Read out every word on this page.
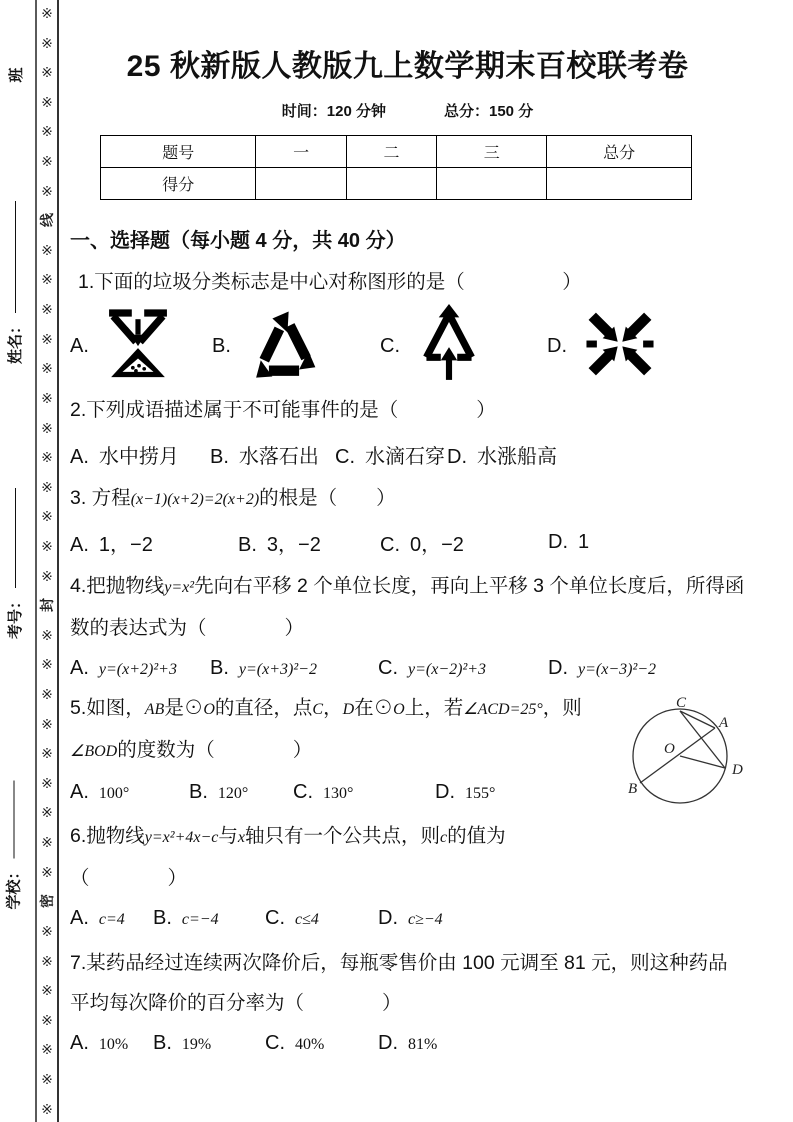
※
※
※
※
※
※
※
线
※
※
※
※
※
※
※
※
※
※
※
※
封
※
※
※
※
※
※
※
※
※
密
※
※
※
※
※
※
※
班
姓名：
考号：
学校：
25 秋新版人教版九上数学期末百校联考卷
时间：120 分钟	总分：150 分
题号	一	二	三	总分
得分				
一、选择题（每小题 4 分，共 40 分）
1.下面的垃圾分类标志是中心对称图形的是（　　　　　）
A.	B.	C.	D.
2.下列成语描述属于不可能事件的是（　　　　）
A. 水中捞月 B. 水落石出 C. 水滴石穿 D. 水涨船高
3. 方程(x−1)(x+2)=2(x+2)的根是（　　）
A. 1，−2	B. 3，−2	C. 0，−2	D. 1
4.把抛物线y=x²先向右平移 2 个单位长度，再向上平移 3 个单位长度后，所得函数的表达式为（　　　　）
A. y=(x+2)²+3 B. y=(x+3)²−2	C. y=(x−2)²+3	D. y=(x−3)²−2
5.如图，AB是⊙O的直径，点C，D在⊙O上，若∠ACD=25°，则
∠BOD的度数为（　　　　）
A. 100°	B. 120° C. 130°	D. 155°
6.抛物线y=x²+4x−c与x轴只有一个公共点，则c的值为
（　　　　）
A. c=4 B. c=−4 C. c≤4	D. c≥−4
7.某药品经过连续两次降价后，每瓶零售价由 100 元调至 81 元，则这种药品平均每次降价的百分率为（　　　　）
A. 10% B. 19%	C. 40%	D. 81%
C
A
O
B
D
